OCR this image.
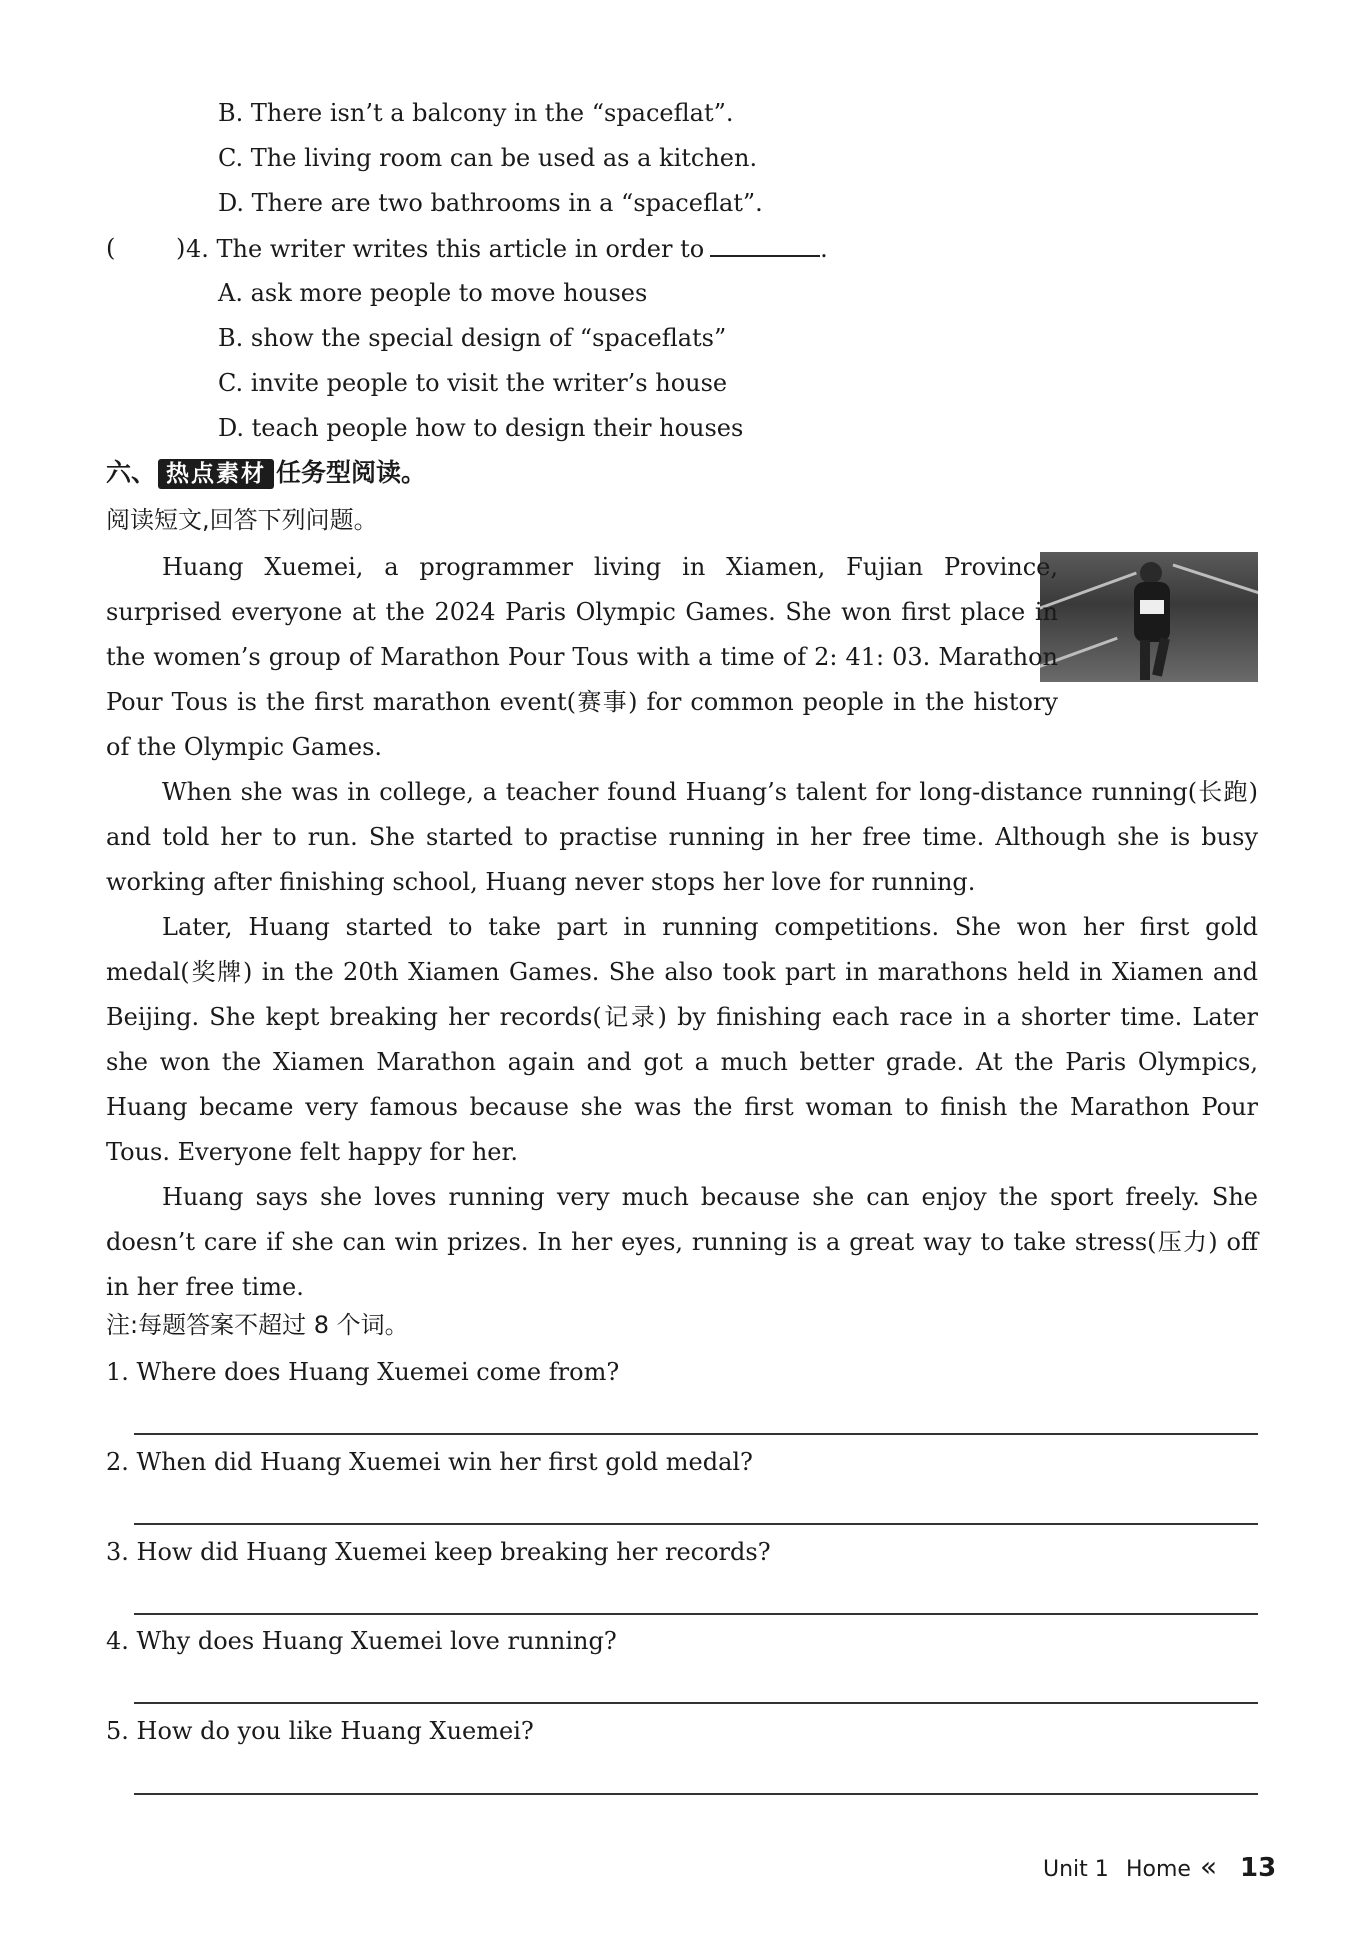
B. There isn’t a balcony in the “spaceflat”.
C. The living room can be used as a kitchen.
D. There are two bathrooms in a “spaceflat”.
(	) 4. The writer writes this article in order to	.
A. ask more people to move houses
B. show the special design of “spaceflats”
C. invite people to visit the writer’s house
D. teach people how to design their houses
六、 热点素材 任务型阅读。
阅读短文,回答下列问题。

Huang Xuemei, a programmer living in Xiamen, Fujian Province, surprised everyone at the 2024 Paris Olympic Games. She won first place in the women’s group of Marathon Pour Tous with a time of 2: 41: 03. Marathon Pour Tous is the first marathon event(赛事) for common people in the history of the Olympic Games.

When she was in college, a teacher found Huang’s talent for long-distance running(长跑) and told her to run. She started to practise running in her free time. Although she is busy working after finishing school, Huang never stops her love for running.

Later, Huang started to take part in running competitions. She won her first gold medal(奖牌) in the 20th Xiamen Games. She also took part in marathons held in Xiamen and Beijing. She kept breaking her records(记录) by finishing each race in a shorter time. Later she won the Xiamen Marathon again and got a much better grade. At the Paris Olympics, Huang became very famous because she was the first woman to finish the Marathon Pour Tous. Everyone felt happy for her.

Huang says she loves running very much because she can enjoy the sport freely. She doesn’t care if she can win prizes. In her eyes, running is a great way to take stress(压力) off in her free time.

注:每题答案不超过 8 个词。
1. Where does Huang Xuemei come from?
2. When did Huang Xuemei win her first gold medal?
3. How did Huang Xuemei keep breaking her records?
4. Why does Huang Xuemei love running?
5. How do you like Huang Xuemei?
Unit 1 Home « 13
